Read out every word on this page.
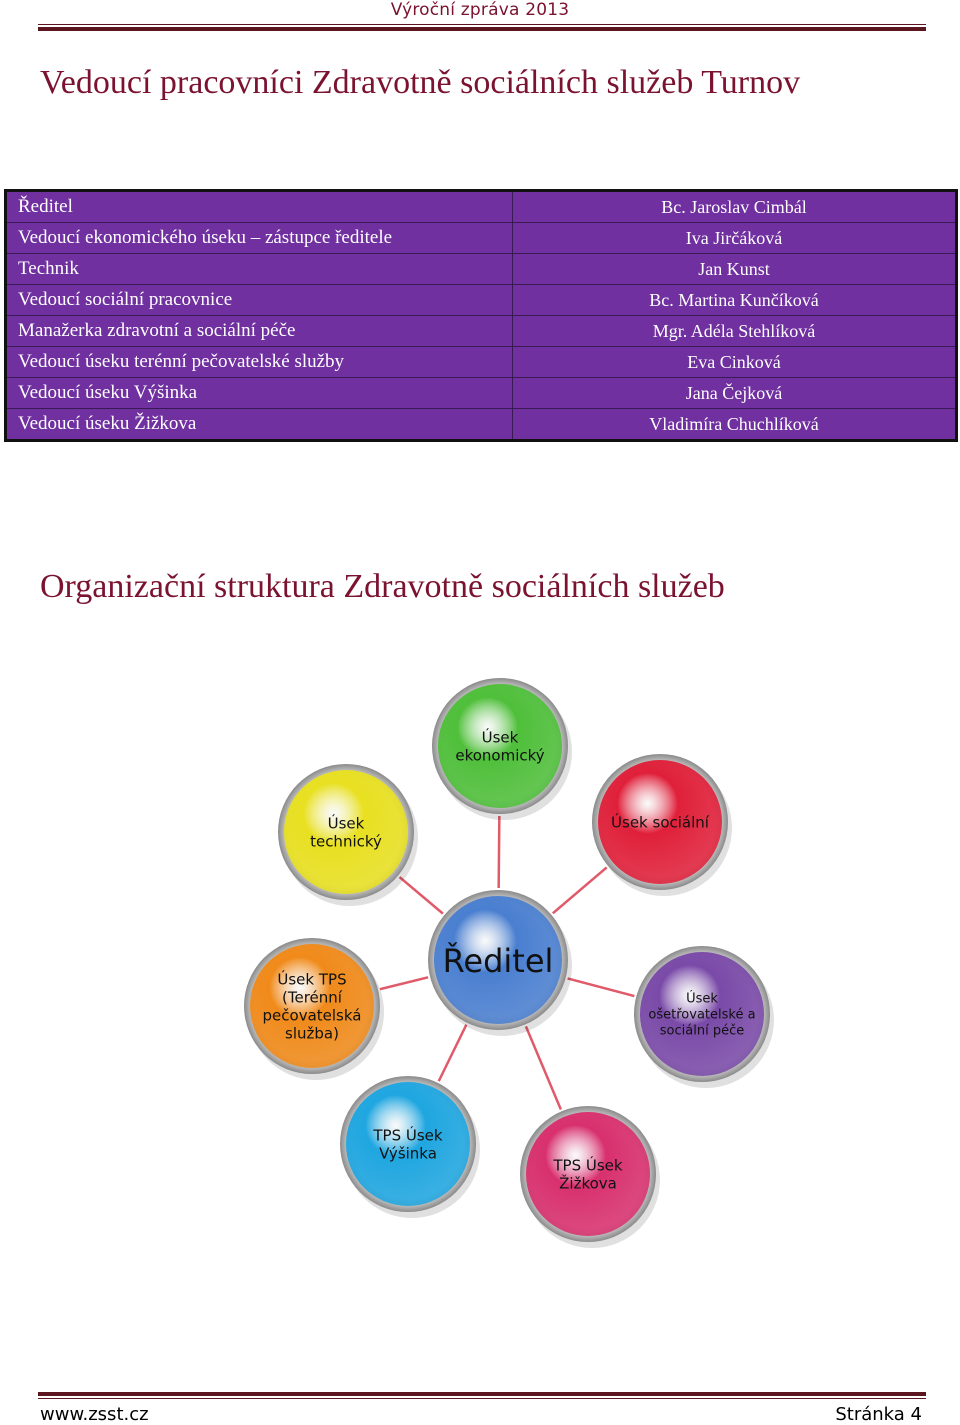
Výroční zpráva 2013
Vedoucí pracovníci Zdravotně sociálních služeb Turnov
Ředitel	Bc. Jaroslav Cimbál
Vedoucí ekonomického úseku – zástupce ředitele	Iva Jirčáková
Technik	Jan Kunst
Vedoucí sociální pracovnice	Bc. Martina Kunčíková
Manažerka zdravotní a sociální péče	Mgr. Adéla Stehlíková
Vedoucí úseku terénní pečovatelské služby	Eva Cinková
Vedoucí úseku Výšinka	Jana Čejková
Vedoucí úseku Žižkova	Vladimíra Chuchlíková
Organizační struktura Zdravotně sociálních služeb
Úsek
ekonomický
Úsek sociální
Úsek
ošetřovatelské a
sociální péče
TPS Úsek
Žižkova
TPS Úsek
Výšinka
Úsek TPS
(Terénní
pečovatelská
služba)
Úsek
technický
Ředitel
www.zsst.cz	Stránka 4
